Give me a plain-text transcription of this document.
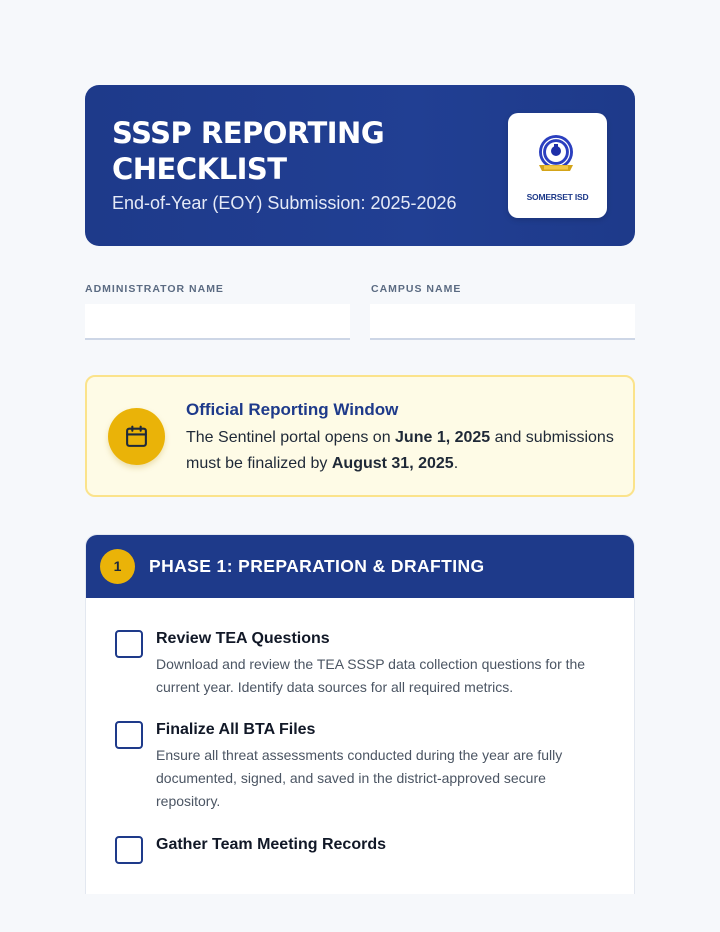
SSSP REPORTING CHECKLIST
End-of-Year (EOY) Submission: 2025-2026	SOMERSET ISD
ADMINISTRATOR NAME	CAMPUS NAME
Official Reporting Window
The Sentinel portal opens on June 1, 2025 and submissions must be finalized by August 31, 2025.
1	PHASE 1: PREPARATION & DRAFTING
Review TEA Questions
Download and review the TEA SSSP data collection questions for the current year. Identify data sources for all required metrics.
Finalize All BTA Files
Ensure all threat assessments conducted during the year are fully documented, signed, and saved in the district-approved secure repository.
Gather Team Meeting Records
